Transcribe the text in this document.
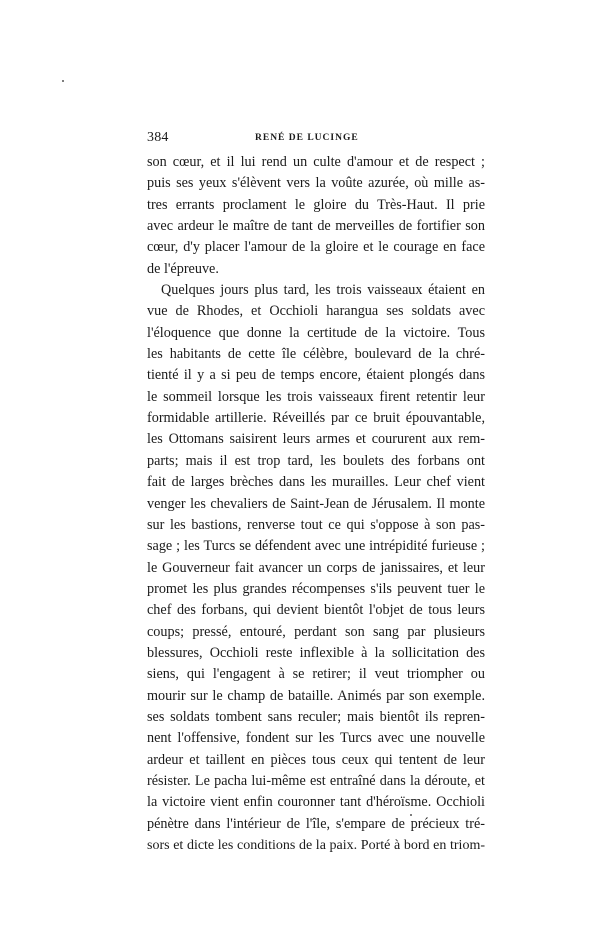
384	RENÉ DE LUCINGE
son cœur, et il lui rend un culte d'amour et de respect ;
puis ses yeux s'élèvent vers la voûte azurée, où mille as-
tres errants proclament le gloire du Très-Haut. Il prie
avec ardeur le maître de tant de merveilles de fortifier son
cœur, d'y placer l'amour de la gloire et le courage en face
de l'épreuve.
Quelques jours plus tard, les trois vaisseaux étaient en
vue de Rhodes, et Occhioli harangua ses soldats avec
l'éloquence que donne la certitude de la victoire. Tous
les habitants de cette île célèbre, boulevard de la chré-
tienté il y a si peu de temps encore, étaient plongés dans
le sommeil lorsque les trois vaisseaux firent retentir leur
formidable artillerie. Réveillés par ce bruit épouvantable,
les Ottomans saisirent leurs armes et coururent aux rem-
parts; mais il est trop tard, les boulets des forbans ont
fait de larges brèches dans les murailles. Leur chef vient
venger les chevaliers de Saint-Jean de Jérusalem. Il monte
sur les bastions, renverse tout ce qui s'oppose à son pas-
sage ; les Turcs se défendent avec une intrépidité furieuse ;
le Gouverneur fait avancer un corps de janissaires, et leur
promet les plus grandes récompenses s'ils peuvent tuer le
chef des forbans, qui devient bientôt l'objet de tous leurs
coups; pressé, entouré, perdant son sang par plusieurs
blessures, Occhioli reste inflexible à la sollicitation des
siens, qui l'engagent à se retirer; il veut triompher ou
mourir sur le champ de bataille. Animés par son exemple.
ses soldats tombent sans reculer; mais bientôt ils repren-
nent l'offensive, fondent sur les Turcs avec une nouvelle
ardeur et taillent en pièces tous ceux qui tentent de leur
résister. Le pacha lui-même est entraîné dans la déroute, et
la victoire vient enfin couronner tant d'héroïsme. Occhioli
pénètre dans l'intérieur de l'île, s'empare de précieux tré-
sors et dicte les conditions de la paix. Porté à bord en triom-
